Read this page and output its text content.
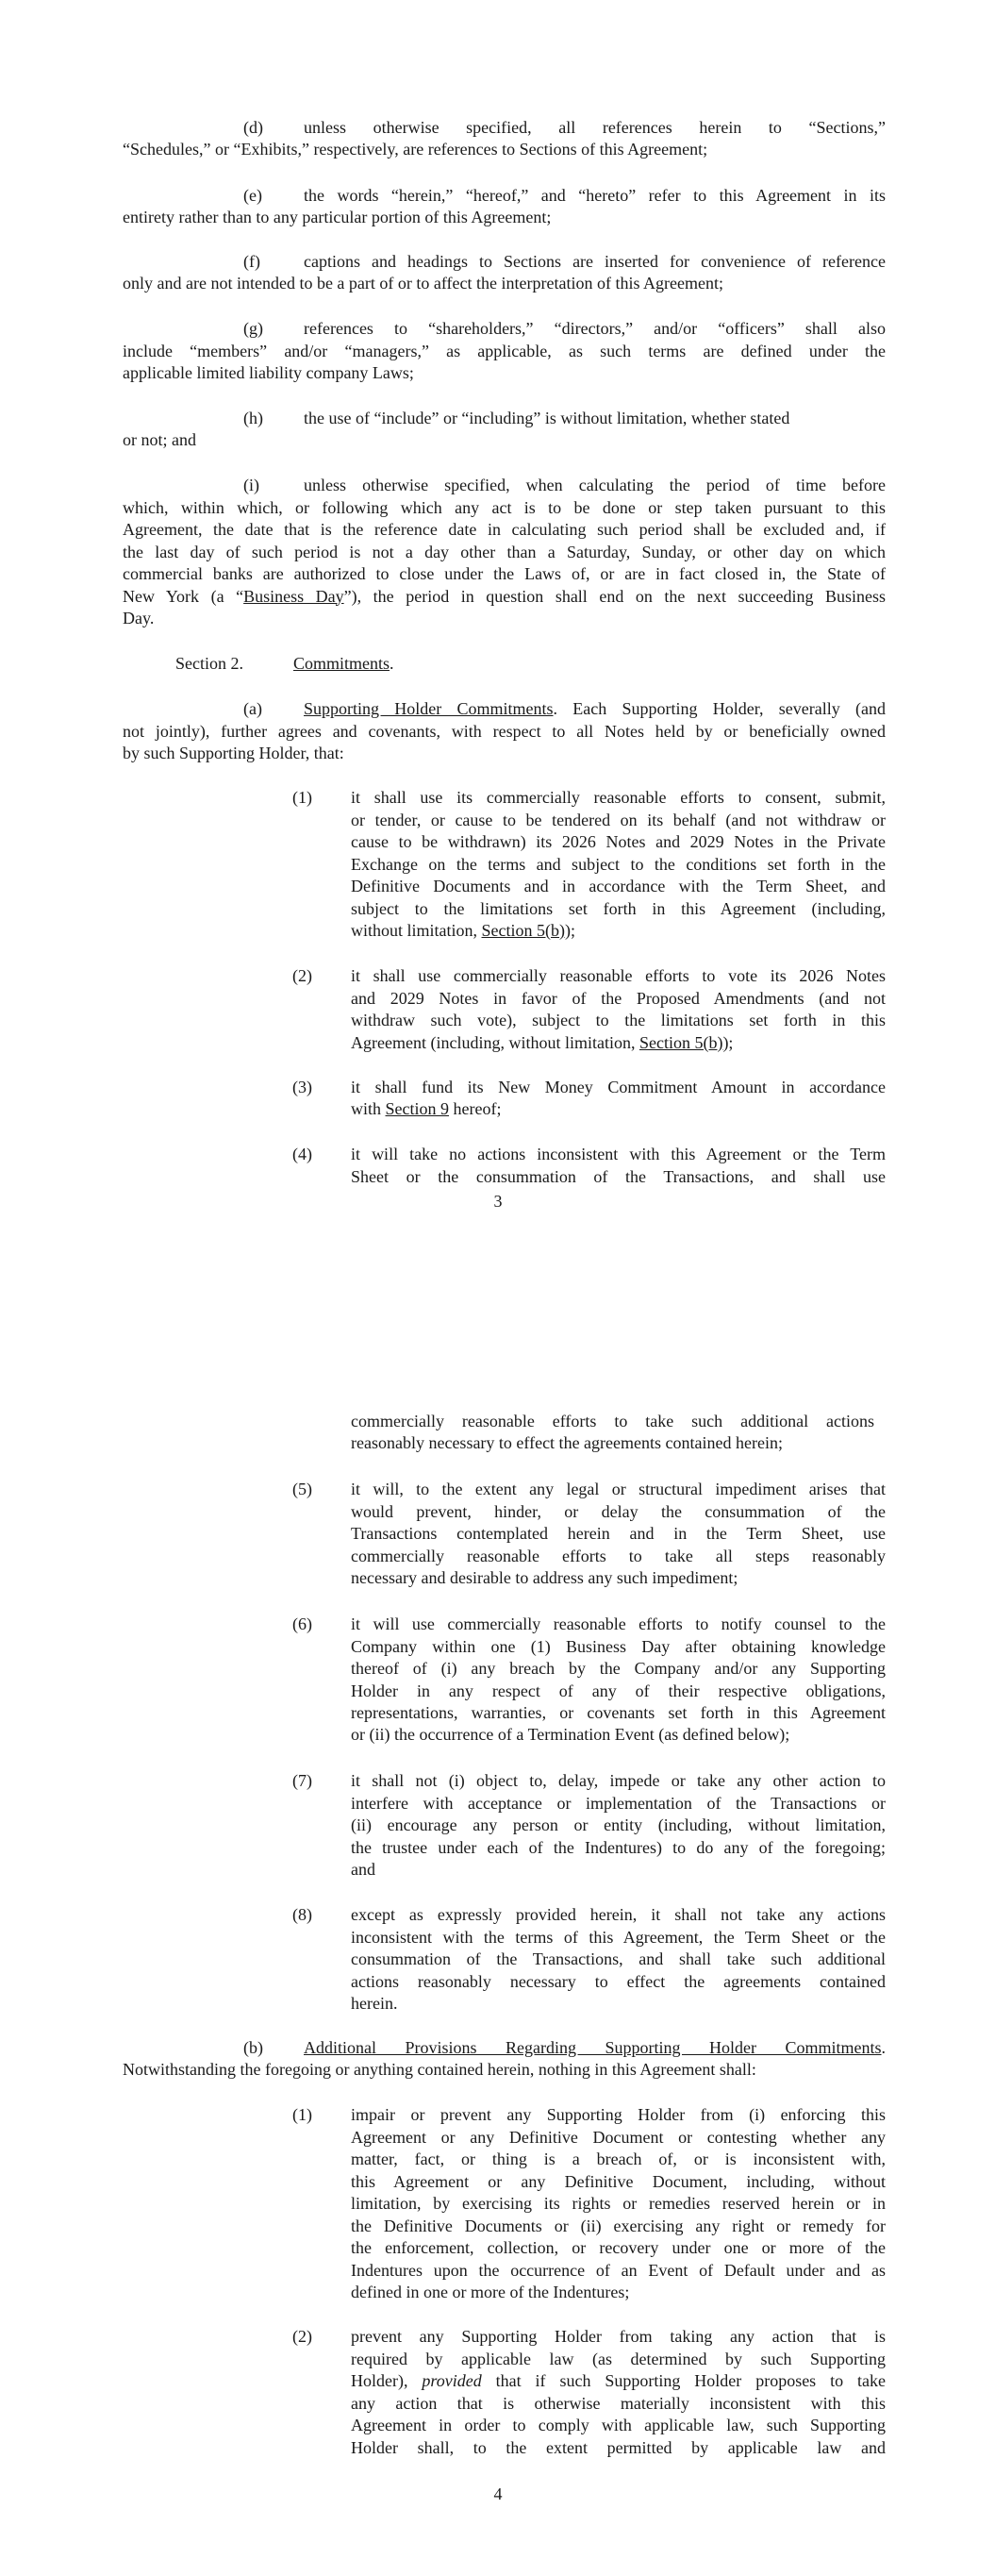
(d)	unless otherwise specified, all references herein to “Sections,”
“Schedules,” or “Exhibits,” respectively, are references to Sections of this Agreement;
(e)	the words “herein,” “hereof,” and “hereto” refer to this Agreement in its
entirety rather than to any particular portion of this Agreement;
(f)	captions and headings to Sections are inserted for convenience of reference
only and are not intended to be a part of or to affect the interpretation of this Agreement;
(g)	references to “shareholders,” “directors,” and/or “officers” shall also
include “members” and/or “managers,” as applicable, as such terms are defined under the
applicable limited liability company Laws;
(h) the use of “include” or “including” is without limitation, whether stated
or not; and
(i)	unless otherwise specified, when calculating the period of time before
which, within which, or following which any act is to be done or step taken pursuant to this
Agreement, the date that is the reference date in calculating such period shall be excluded and, if
the last day of such period is not a day other than a Saturday, Sunday, or other day on which
commercial banks are authorized to close under the Laws of, or are in fact closed in, the State of
New York (a “Business Day”), the period in question shall end on the next succeeding Business
Day.
Section 2.	Commitments.
(a)	Supporting Holder Commitments. Each Supporting Holder, severally (and
not jointly), further agrees and covenants, with respect to all Notes held by or beneficially owned
by such Supporting Holder, that:
(1) it shall use its commercially reasonable efforts to consent, submit,
or tender, or cause to be tendered on its behalf (and not withdraw or
cause to be withdrawn) its 2026 Notes and 2029 Notes in the Private
Exchange on the terms and subject to the conditions set forth in the
Definitive Documents and in accordance with the Term Sheet, and
subject to the limitations set forth in this Agreement (including,
without limitation, Section 5(b));
(2) it shall use commercially reasonable efforts to vote its 2026 Notes
and 2029 Notes in favor of the Proposed Amendments (and not
withdraw such vote), subject to the limitations set forth in this
Agreement (including, without limitation, Section 5(b));
(3) it shall fund its New Money Commitment Amount in accordance
with Section 9 hereof;
(4) it will take no actions inconsistent with this Agreement or the Term
Sheet or the consummation of the Transactions, and shall use
3
commercially reasonable efforts to take such additional actions
reasonably necessary to effect the agreements contained herein;
(5) it will, to the extent any legal or structural impediment arises that
would prevent, hinder, or delay the consummation of the
Transactions contemplated herein and in the Term Sheet, use
commercially reasonable efforts to take all steps reasonably
necessary and desirable to address any such impediment;
(6) it will use commercially reasonable efforts to notify counsel to the
Company within one (1) Business Day after obtaining knowledge
thereof of (i) any breach by the Company and/or any Supporting
Holder in any respect of any of their respective obligations,
representations, warranties, or covenants set forth in this Agreement
or (ii) the occurrence of a Termination Event (as defined below);
(7) it shall not (i) object to, delay, impede or take any other action to
interfere with acceptance or implementation of the Transactions or
(ii) encourage any person or entity (including, without limitation,
the trustee under each of the Indentures) to do any of the foregoing;
and
(8) except as expressly provided herein, it shall not take any actions
inconsistent with the terms of this Agreement, the Term Sheet or the
consummation of the Transactions, and shall take such additional
actions reasonably necessary to effect the agreements contained
herein.
(b)	Additional Provisions Regarding Supporting Holder Commitments.
Notwithstanding the foregoing or anything contained herein, nothing in this Agreement shall:
(1) impair or prevent any Supporting Holder from (i) enforcing this
Agreement or any Definitive Document or contesting whether any
matter, fact, or thing is a breach of, or is inconsistent with,
this Agreement or any Definitive Document, including, without
limitation, by exercising its rights or remedies reserved herein or in
the Definitive Documents or (ii) exercising any right or remedy for
the enforcement, collection, or recovery under one or more of the
Indentures upon the occurrence of an Event of Default under and as
defined in one or more of the Indentures;
(2) prevent any Supporting Holder from taking any action that is
required by applicable law (as determined by such Supporting
Holder), provided that if such Supporting Holder proposes to take
any action that is otherwise materially inconsistent with this
Agreement in order to comply with applicable law, such Supporting
Holder shall, to the extent permitted by applicable law and
4
